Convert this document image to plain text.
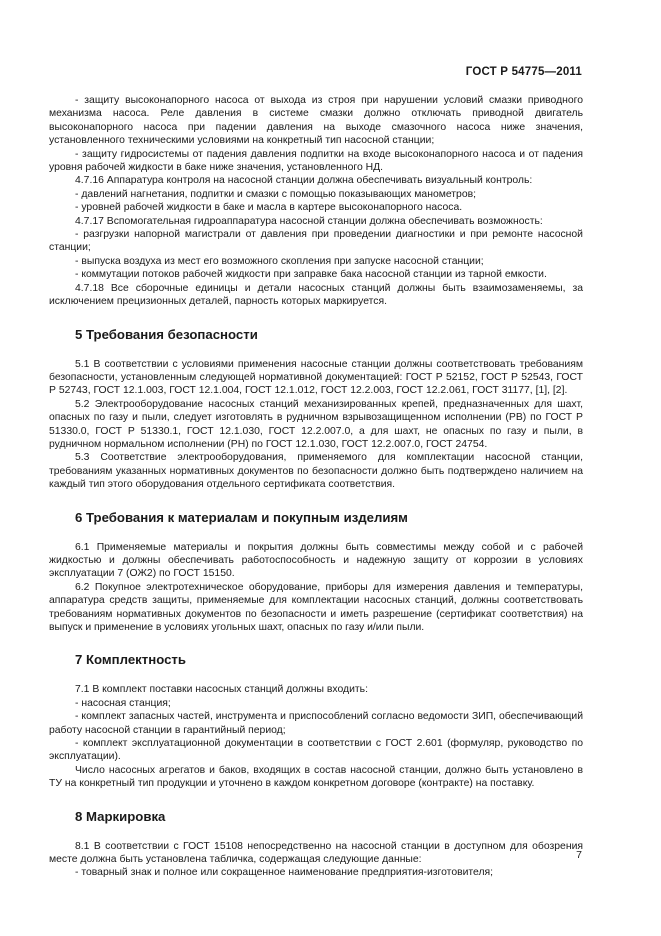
ГОСТ Р 54775—2011

- защиту высоконапорного насоса от выхода из строя при нарушении условий смазки приводного механизма насоса. Реле давления в системе смазки должно отключать приводной двигатель высоконапорного насоса при падении давления на выходе смазочного насоса ниже значения, установленного техническими условиями на конкретный тип насосной станции;

- защиту гидросистемы от падения давления подпитки на входе высоконапорного насоса и от падения уровня рабочей жидкости в баке ниже значения, установленного НД.

4.7.16 Аппаратура контроля на насосной станции должна обеспечивать визуальный контроль:

- давлений нагнетания, подпитки и смазки с помощью показывающих манометров;

- уровней рабочей жидкости в баке и масла в картере высоконапорного насоса.

4.7.17 Вспомогательная гидроаппаратура насосной станции должна обеспечивать возможность:

- разгрузки напорной магистрали от давления при проведении диагностики и при ремонте насосной станции;

- выпуска воздуха из мест его возможного скопления при запуске насосной станции;

- коммутации потоков рабочей жидкости при заправке бака насосной станции из тарной емкости.

4.7.18 Все сборочные единицы и детали насосных станций должны быть взаимозаменяемы, за исключением прецизионных деталей, парность которых маркируется.

5 Требования безопасности

5.1 В соответствии с условиями применения насосные станции должны соответствовать требованиям безопасности, установленным следующей нормативной документацией: ГОСТ Р 52152, ГОСТ Р 52543, ГОСТ Р 52743, ГОСТ 12.1.003, ГОСТ 12.1.004, ГОСТ 12.1.012, ГОСТ 12.2.003, ГОСТ 12.2.061, ГОСТ 31177, [1], [2].

5.2 Электрооборудование насосных станций механизированных крепей, предназначенных для шахт, опасных по газу и пыли, следует изготовлять в рудничном взрывозащищенном исполнении (РВ) по ГОСТ Р 51330.0, ГОСТ Р 51330.1, ГОСТ 12.1.030, ГОСТ 12.2.007.0, а для шахт, не опасных по газу и пыли, в рудничном нормальном исполнении (РН) по ГОСТ 12.1.030, ГОСТ 12.2.007.0, ГОСТ 24754.

5.3 Соответствие электрооборудования, применяемого для комплектации насосной станции, требованиям указанных нормативных документов по безопасности должно быть подтверждено наличием на каждый тип этого оборудования отдельного сертификата соответствия.

6 Требования к материалам и покупным изделиям

6.1 Применяемые материалы и покрытия должны быть совместимы между собой и с рабочей жидкостью и должны обеспечивать работоспособность и надежную защиту от коррозии в условиях эксплуатации 7 (ОЖ2) по ГОСТ 15150.

6.2 Покупное электротехническое оборудование, приборы для измерения давления и температуры, аппаратура средств защиты, применяемые для комплектации насосных станций, должны соответствовать требованиям нормативных документов по безопасности и иметь разрешение (сертификат соответствия) на выпуск и применение в условиях угольных шахт, опасных по газу и/или пыли.

7 Комплектность

7.1 В комплект поставки насосных станций должны входить:

- насосная станция;

- комплект запасных частей, инструмента и приспособлений согласно ведомости ЗИП, обеспечивающий работу насосной станции в гарантийный период;

- комплект эксплуатационной документации в соответствии с ГОСТ 2.601 (формуляр, руководство по эксплуатации).

Число насосных агрегатов и баков, входящих в состав насосной станции, должно быть установлено в ТУ на конкретный тип продукции и уточнено в каждом конкретном договоре (контракте) на поставку.

8 Маркировка

8.1 В соответствии с ГОСТ 15108 непосредственно на насосной станции в доступном для обозрения месте должна быть установлена табличка, содержащая следующие данные:

- товарный знак и полное или сокращенное наименование предприятия-изготовителя;

7
